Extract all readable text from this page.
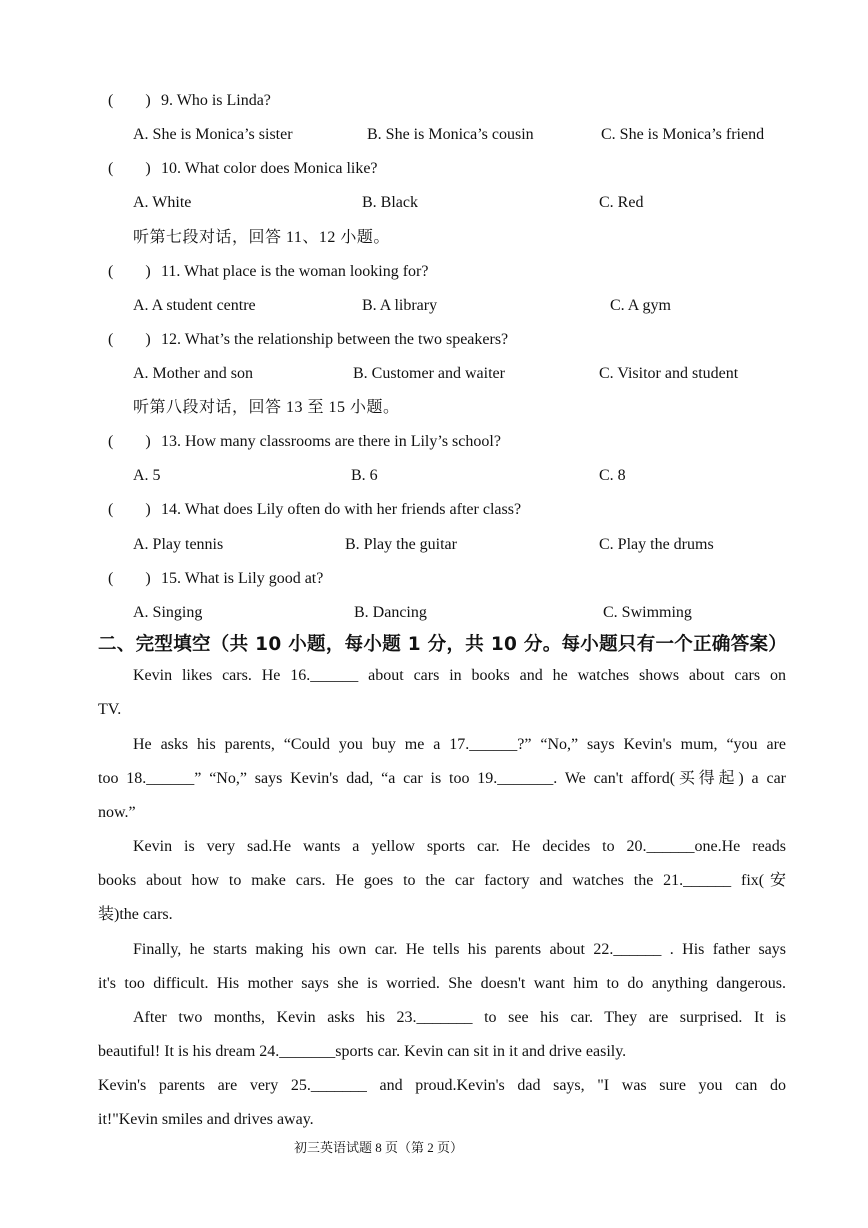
(　　) 9. Who is Linda?
A. She is Monica’s sister	B. She is Monica’s cousin	C. She is Monica’s friend
(　　) 10. What color does Monica like?
A. White	B. Black	C. Red
听第七段对话，回答 11、12 小题。
(　　) 11. What place is the woman looking for?
A. A student centre	B. A library	C. A gym
(　　) 12. What’s the relationship between the two speakers?
A. Mother and son	B. Customer and waiter	C. Visitor and student
听第八段对话，回答 13 至 15 小题。
(　　) 13. How many classrooms are there in Lily’s school?
A. 5	B. 6	C. 8
(　　) 14. What does Lily often do with her friends after class?
A. Play tennis	B. Play the guitar	C. Play the drums
(　　) 15. What is Lily good at?
A. Singing	B. Dancing	C. Swimming
二、完型填空（共 10 小题，每小题 1 分，共 10 分。每小题只有一个正确答案）
Kevin likes cars. He 16.______ about cars in books and he watches shows about cars on
TV.
He asks his parents, “Could you buy me a 17.______?” “No,” says Kevin's mum, “you are
too 18.______” “No,” says Kevin's dad, “a car is too 19._______. We can't afford(买得起) a car
now.”
Kevin is very sad.He wants a yellow sports car. He decides to 20.______one.He reads
books about how to make cars. He goes to the car factory and watches the 21.______ fix(安
装)the cars.
Finally, he starts making his own car. He tells his parents about 22.______ . His father says
it's too difficult. His mother says she is worried. She doesn't want him to do anything dangerous.
After two months, Kevin asks his 23._______ to see his car. They are surprised. It is
beautiful! It is his dream 24._______sports car. Kevin can sit in it and drive easily.
Kevin's parents are very 25._______ and proud.Kevin's dad says, "I was sure you can do
it!"Kevin smiles and drives away.
初三英语试题 8 页（第 2 页）
